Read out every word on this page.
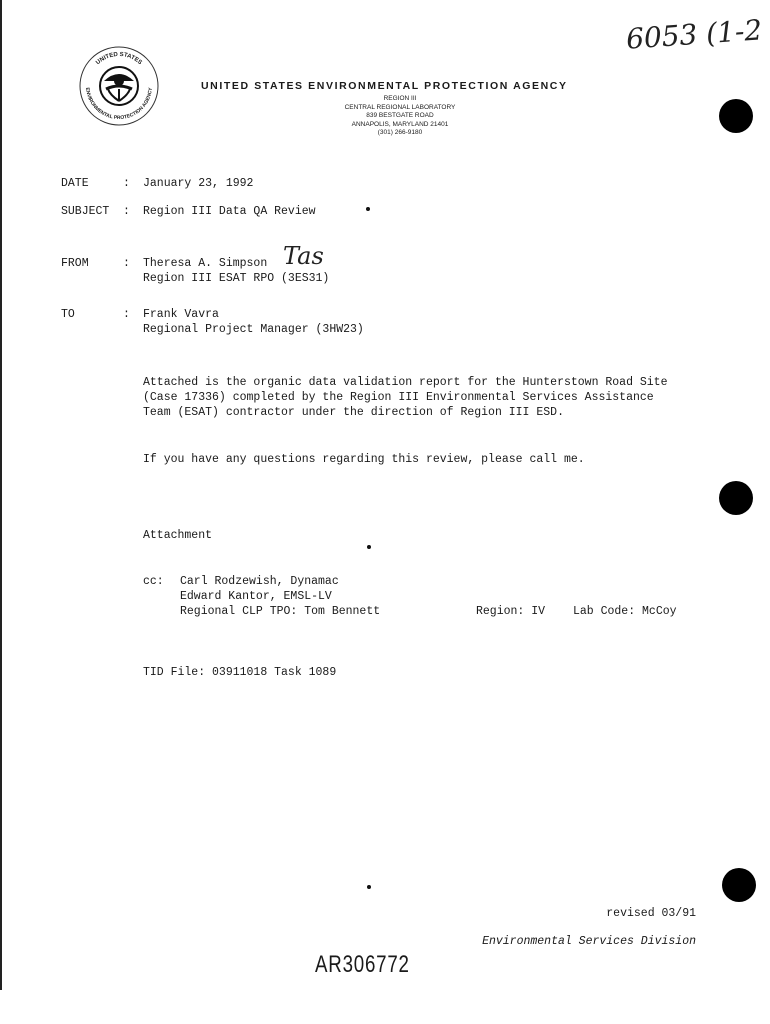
6053 (1-2
UNITED STATES
ENVIRONMENTAL PROTECTION AGENCY	UNITED STATES ENVIRONMENTAL PROTECTION AGENCY
REGION III
CENTRAL REGIONAL LABORATORY
839 BESTGATE ROAD
ANNAPOLIS, MARYLAND 21401
(301) 266-9180
DATE	: January 23, 1992
SUBJECT : Region III Data QA Review
FROM	: Theresa A. Simpson
Region III ESAT RPO (3ES31)
Tas
TO	: Frank Vavra
Regional Project Manager (3HW23)
Attached is the organic data validation report for the Hunterstown Road Site
(Case 17336) completed by the Region III Environmental Services Assistance
Team (ESAT) contractor under the direction of Region III ESD.
If you have any questions regarding this review, please call me.
Attachment
cc: Carl Rodzewish, Dynamac
Edward Kantor, EMSL-LV
Regional CLP TPO: Tom Bennett	Region: IV Lab Code: McCoy
TID File: 03911018 Task 1089
revised 03/91
Environmental Services Division
AR306772
